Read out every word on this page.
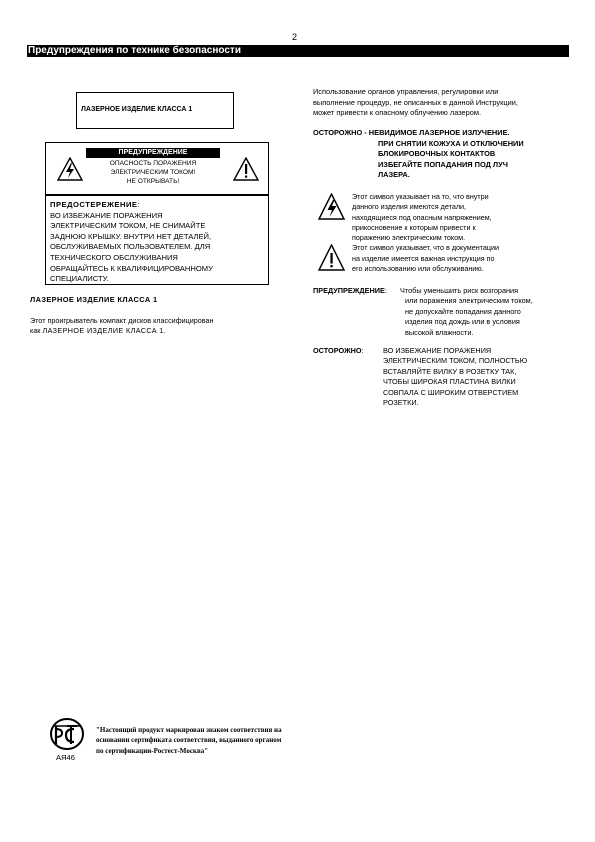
2
Предупреждения по технике безопасности
ЛАЗЕРНОЕ ИЗДЕЛИЕ КЛАССА 1
ПРЕДУПРЕЖДЕНИЕ
ОПАСНОСТЬ ПОРАЖЕНИЯ
ЭЛЕКТРИЧЕСКИМ ТОКОМ!
НЕ ОТКРЫВАТЬ!
ПРЕДОСТЕРЕЖЕНИЕ:
ВО ИЗБЕЖАНИЕ ПОРАЖЕНИЯ
ЭЛЕКТРИЧЕСКИМ ТОКОМ, НЕ СНИМАЙТЕ
ЗАДНЮЮ КРЫШКУ. ВНУТРИ НЕТ ДЕТАЛЕЙ,
ОБСЛУЖИВАЕМЫХ ПОЛЬЗОВАТЕЛЕМ. ДЛЯ
ТЕХНИЧЕСКОГО ОБСЛУЖИВАНИЯ
ОБРАЩАЙТЕСЬ К КВАЛИФИЦИРОВАННОМУ
СПЕЦИАЛИСТУ.
ЛАЗЕРНОЕ ИЗДЕЛИЕ КЛАССА 1
Этот проигрыватель компакт дисков классифицирован
как ЛАЗЕРНОЕ ИЗДЕЛИЕ КЛАССА 1.
Использование органов управления, регулировки или
выполнение процедур, не описанных в данной Инструкции,
может привести к опасному облучению лазером.
ОСТОРОЖНО - НЕВИДИМОЕ ЛАЗЕРНОЕ ИЗЛУЧЕНИЕ.
ПРИ СНЯТИИ КОЖУХА И ОТКЛЮЧЕНИИ
БЛОКИРОВОЧНЫХ КОНТАКТОВ
ИЗБЕГАЙТЕ ПОПАДАНИЯ ПОД ЛУЧ
ЛАЗЕРА.
Этот символ указывает на то, что внутри
данного изделия имеются детали,
находящиеся под опасным напряжением,
прикосновение к которым привести к
поражению электрическим током.
Этот символ указывает, что в документации
на изделие имеется важная инструкция по
его использованию или обслуживанию.
ПРЕДУПРЕЖДЕНИЕ:	Чтобы уменьшить риск возгорания
или поражения электрическим током,
не допускайте попадания данного
изделия под дождь или в условия
высокой влажности.
ОСТОРОЖНО:	ВО ИЗБЕЖАНИЕ ПОРАЖЕНИЯ
ЭЛЕКТРИЧЕСКИМ ТОКОМ, ПОЛНОСТЬЮ
ВСТАВЛЯЙТЕ ВИЛКУ В РОЗЕТКУ ТАК,
ЧТОБЫ ШИРОКАЯ ПЛАСТИНА ВИЛКИ
СОВПАЛА С ШИРОКИМ ОТВЕРСТИЕМ
РОЗЕТКИ.
АЯ46
"Настоящий продукт маркирован знаком соответствия на
основании сертификата соответствия, выданного органом
по сертификации-Ростест-Москва"
